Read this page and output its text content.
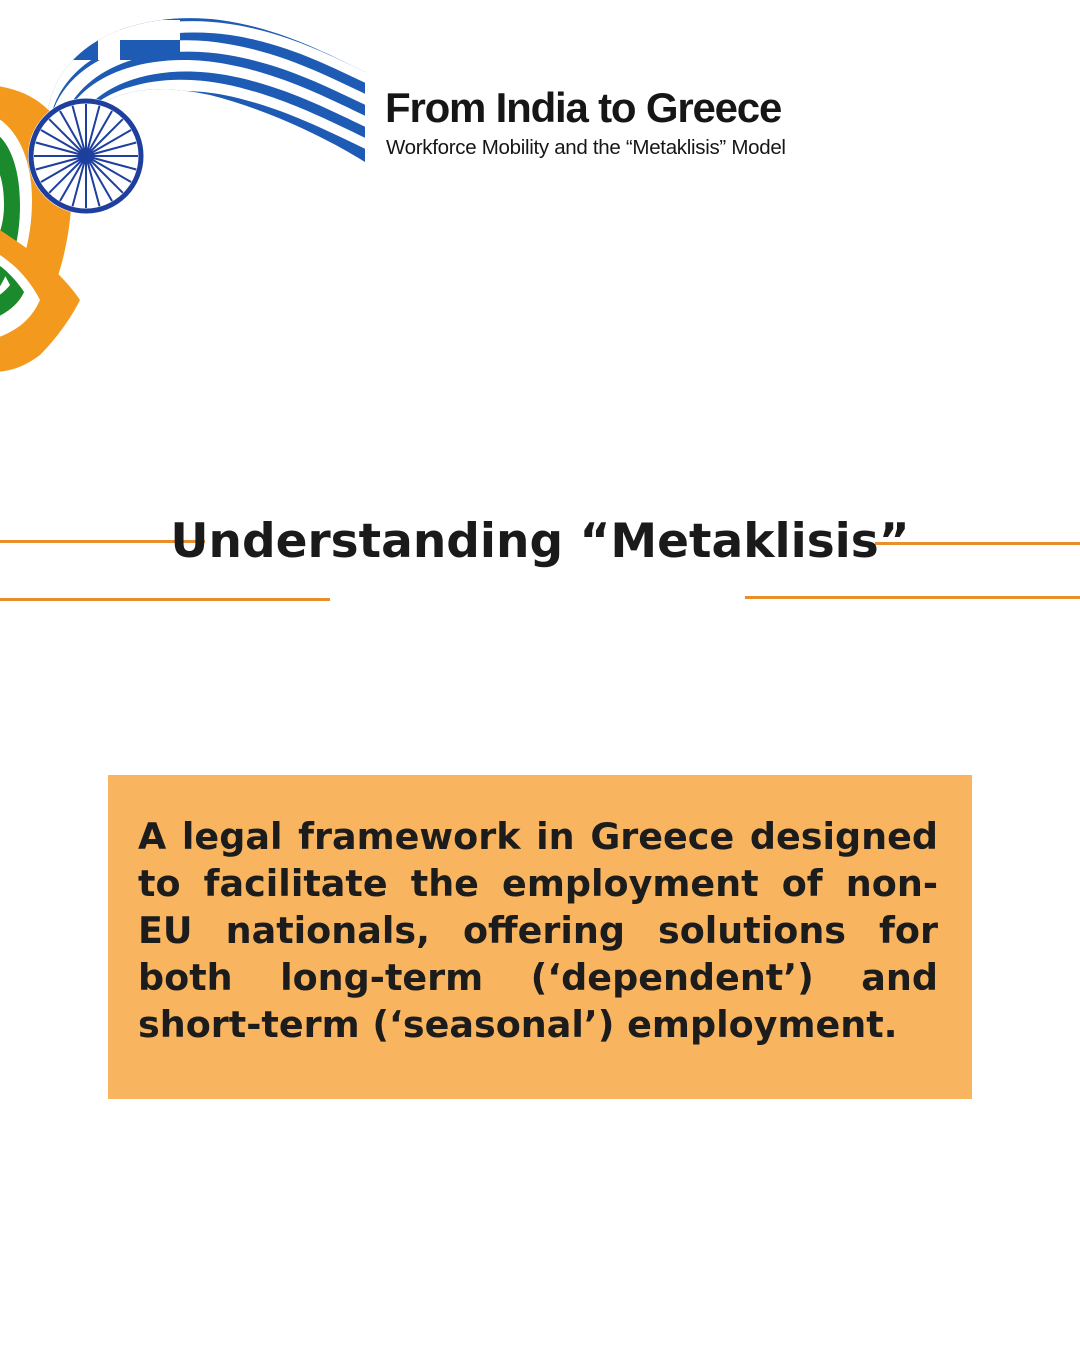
From India to Greece
Workforce Mobility and the “Metaklisis” Model
Understanding “Metaklisis”

A legal framework in Greece designed to facilitate the employment of non-EU nationals, offering solutions for both long-term (‘dependent’) and short-term (‘seasonal’) employment.
